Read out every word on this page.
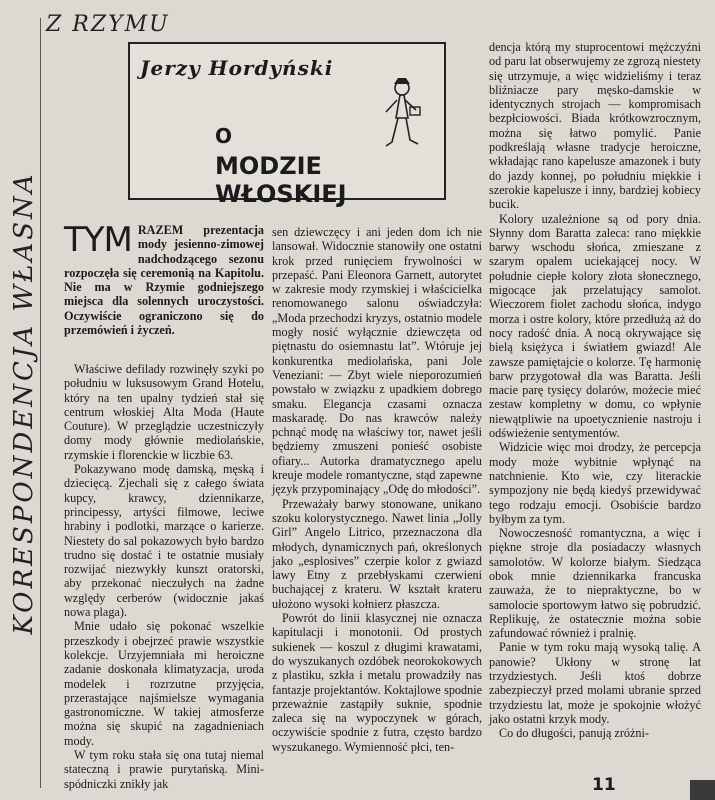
KORESPONDENCJA WŁASNA
Z RZYMU
Jerzy Hordyński
O
MODZIE WŁOSKIEJ
TYM RAZEM prezentacja mody jesienno-zimowej nadchodzącego sezonu rozpoczęła się ceremonią na Kapitolu. Nie ma w Rzymie godniejszego miejsca dla solennych uroczystości. Oczywiście ograniczono się do przemówień i życzeń.

Właściwe defilady rozwinęły szyki po południu w luksusowym Grand Hotelu, który na ten upalny tydzień stał się centrum włoskiej Alta Moda (Haute Couture). W przeglądzie uczestniczyły domy mody głównie mediolańskie, rzymskie i florenckie w liczbie 63.

Pokazywano modę damską, męską i dziecięcą. Zjechali się z całego świata kupcy, krawcy, dziennikarze, principessy, artyści filmowe, leciwe hrabiny i podlotki, marzące o karierze. Niestety do sal pokazowych było bardzo trudno się dostać i te ostatnie musiały rozwijać niezwykły kunszt oratorski, aby przekonać nieczułych na żadne względy cerberów (widocznie jakaś nowa plaga).

Mnie udało się pokonać wszelkie przeszkody i obejrzeć prawie wszystkie kolekcje. Urzyjemniała mi heroiczne zadanie doskonała klimatyzacja, uroda modelek i rozrzutne przyjęcia, przerastające najśmielsze wymagania gastronomiczne. W takiej atmosferze można się skupić na zagadnieniach mody.

W tym roku stała się ona tutaj niemal stateczną i prawie purytańską. Mini-spódniczki znikły jak

sen dziewczęcy i ani jeden dom ich nie lansował. Widocznie stanowiły one ostatni krok przed runięciem frywolności w przepaść. Pani Eleonora Garnett, autorytet w zakresie mody rzymskiej i właścicielka renomowanego salonu oświadczyła: „Moda przechodzi kryzys, ostatnio modele mogły nosić wyłącznie dziewczęta od piętnastu do osiemnastu lat”. Wtóruje jej konkurentka mediolańska, pani Jole Veneziani: — Zbyt wiele nieporozumień powstało w związku z upadkiem dobrego smaku. Elegancja czasami oznacza maskaradę. Do nas krawców należy pchnąć modę na właściwy tor, nawet jeśli będziemy zmuszeni ponieść osobiste ofiary... Autorka dramatycznego apelu kreuje modele romantyczne, stąd zapewne język przypominający „Odę do młodości”.

Przeważały barwy stonowane, unikano szoku kolorystycznego. Nawet linia „Jolly Girl” Angelo Litrico, przeznaczona dla młodych, dynamicznych pań, określonych jako „esplosives” czerpie kolor z gwiazd lawy Etny z przebłyskami czerwieni buchającej z krateru. W kształt krateru ułożono wysoki kołnierz płaszcza.

Powrót do linii klasycznej nie oznacza kapitulacji i monotonii. Od prostych sukienek — koszul z długimi krawatami, do wyszukanych ozdóbek neorokokowych z plastiku, szkła i metalu prowadziły nas fantazje projektantów. Koktajlowe spodnie przeważnie zastąpiły suknie, spodnie zaleca się na wypoczynek w górach, oczywiście spodnie z futra, często bardzo wyszukanego. Wymienność płci, ten-

dencja którą my stuprocentowi mężczyźni od paru lat obserwujemy ze zgrozą niestety się utrzymuje, a więc widzieliśmy i teraz bliźniacze pary męsko-damskie w identycznych strojach — kompromisach bezpłciowości. Biada krótkowzrocznym, można się łatwo pomylić. Panie podkreślają własne tradycje heroiczne, wkładając rano kapelusze amazonek i buty do jazdy konnej, po południu miękkie i szerokie kapelusze i inny, bardziej kobiecy bucik.

Kolory uzależnione są od pory dnia. Słynny dom Baratta zaleca: rano miękkie barwy wschodu słońca, zmieszane z szarym opalem uciekającej nocy. W południe ciepłe kolory złota słonecznego, migocące jak przelatujący samolot. Wieczorem fiolet zachodu słońca, indygo morza i ostre kolory, które przedłużą aż do nocy radość dnia. A nocą okrywające się bielą księżyca i światłem gwiazd! Ale zawsze pamiętajcie o kolorze. Tę harmonię barw przygotował dla was Baratta. Jeśli macie parę tysięcy dolarów, możecie mieć zestaw kompletny w domu, co wpłynie niewątpliwie na upoetycznienie nastroju i odświeżenie sentymentów.

Widzicie więc moi drodzy, że percepcja mody może wybitnie wpłynąć na natchnienie. Kto wie, czy literackie sympozjony nie będą kiedyś przewidywać tego rodzaju emocji. Osobiście bardzo byłbym za tym.

Nowoczesność romantyczna, a więc i piękne stroje dla posiadaczy własnych samolotów. W kolorze białym. Siedząca obok mnie dziennikarka francuska zauważa, że to niepraktyczne, bo w samolocie sportowym łatwo się pobrudzić. Replikuję, że ostatecznie można sobie zafundować również i pralnię.

Panie w tym roku mają wysoką talię. A panowie? Ukłony w stronę lat trzydziestych. Jeśli ktoś dobrze zabezpieczył przed molami ubranie sprzed trzydziestu lat, może je spokojnie włożyć jako ostatni krzyk mody.

Co do długości, panują zróżni-

11
